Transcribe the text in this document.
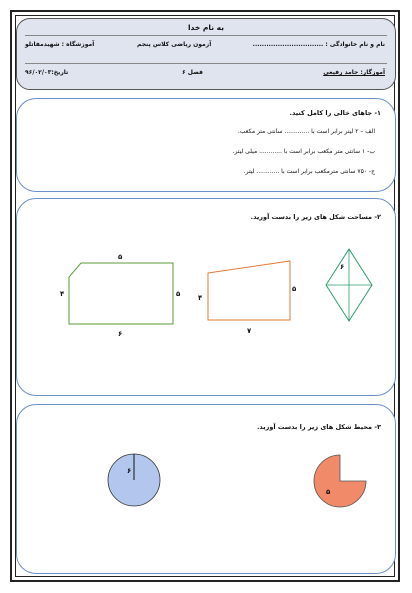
به نام خدا
نام و نام خانوادگی : ...............................
آزمون ریاضی کلاس پنجم
آموزشگاه : شهیدمفاتلو
آموزگار: حامد رفیعی
فصل ۶
تاریخ:۹۶/۰۲/۰۳
۱- جاهای خالی را کامل کنید.
الف – ۲ لیتر برابر است با ............. سانتی متر مکعب.
ب- ۱ سانتی متر مکعب برابر است با ............ میلی لیتر.
ج- ۷۵۰ سانتی مترمکعب برابر است با ............ لیتر.
۲- مساحت شکل های زیر را بدست آورید.
۶
۴
۵
۷
۵
۴	۵
۶
۳- محیط شکل های زیر را بدست آورید.
۶
۵
